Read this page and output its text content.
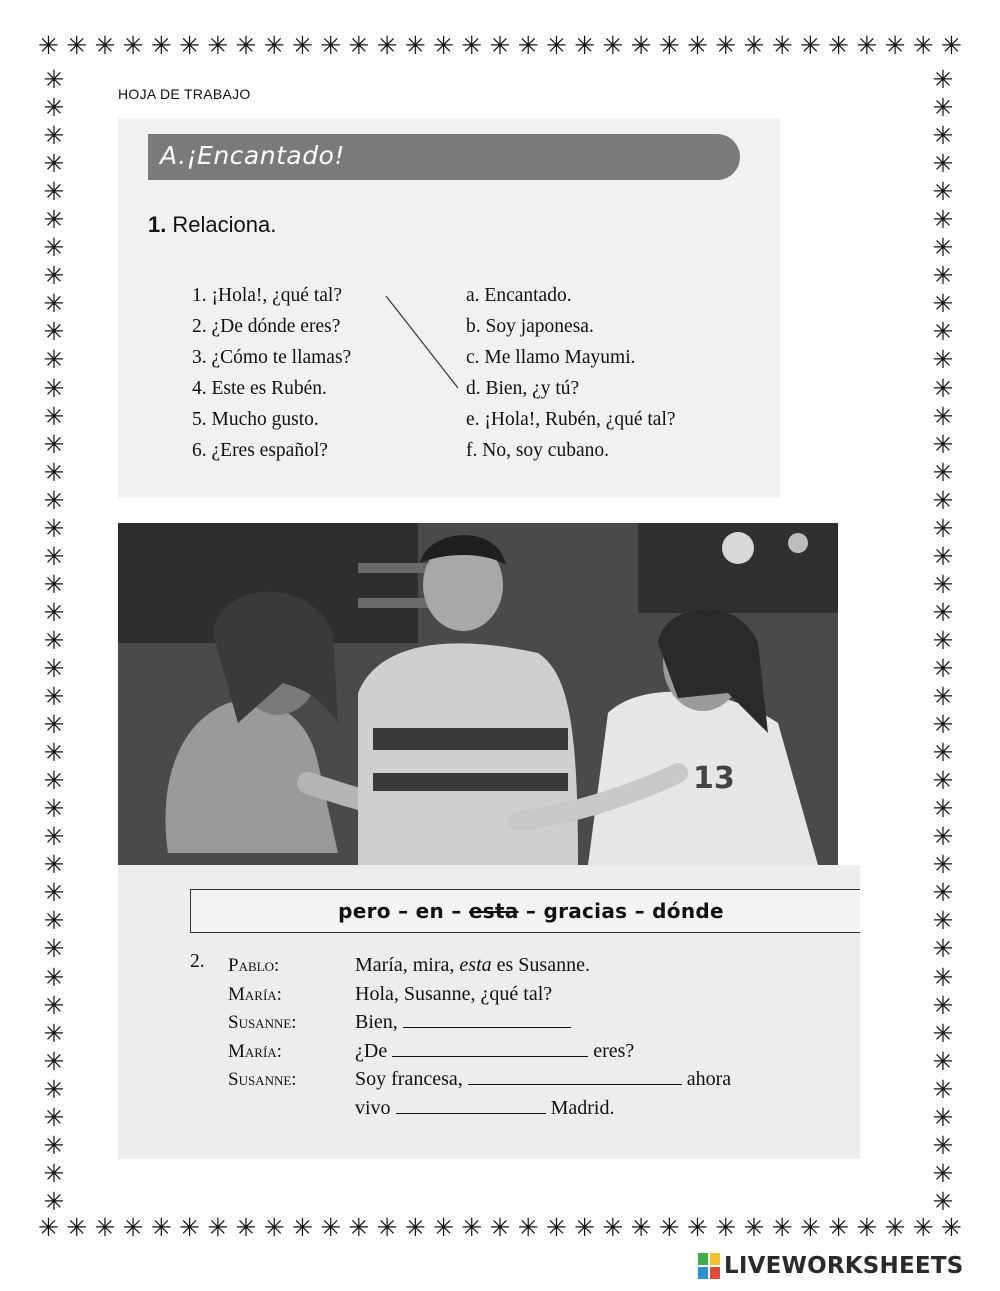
✳ ✳ ✳ ✳ ✳ ✳ ✳ ✳ ✳ ✳ ✳ ✳ ✳ ✳ ✳ ✳ ✳ ✳ ✳ ✳ ✳ ✳ ✳ ✳ ✳ ✳ ✳ ✳ ✳ ✳ ✳ ✳ ✳
✳ ✳ ✳ ✳ ✳ ✳ ✳ ✳ ✳ ✳ ✳ ✳ ✳ ✳ ✳ ✳ ✳ ✳ ✳ ✳ ✳ ✳ ✳ ✳ ✳ ✳ ✳ ✳ ✳ ✳ ✳ ✳ ✳
✳
✳
✳
✳
✳
✳
✳
✳
✳
✳
✳
✳
✳
✳
✳
✳
✳
✳
✳
✳
✳
✳
✳
✳
✳
✳
✳
✳
✳
✳
✳
✳
✳
✳
✳
✳
✳
✳
✳
✳
✳
✳
✳
✳
✳
✳
✳
✳
✳
✳
✳
✳
✳
✳
✳
✳
✳
✳
✳
✳
✳
✳
✳
✳
✳
✳
✳
✳
✳
✳
✳
✳
✳
✳
✳
✳
✳
✳
✳
✳
✳
✳
HOJA DE TRABAJO
A.¡Encantado!
1. Relaciona.
1. ¡Hola!, ¿qué tal?
2. ¿De dónde eres?
3. ¿Cómo te llamas?
4. Este es Rubén.
5. Mucho gusto.
6. ¿Eres español?
a. Encantado.
b. Soy japonesa.
c. Me llamo Mayumi.
d. Bien, ¿y tú?
e. ¡Hola!, Rubén, ¿qué tal?
f. No, soy cubano.
13
pero – en – esta – gracias – dónde
2. Pablo:	María, mira, esta es Susanne.
María:	Hola, Susanne, ¿qué tal?
Susanne:	Bien,
María:	¿De	eres?
Susanne:	Soy francesa,	ahora
vivo	Madrid.
LIVEWORKSHEETS
